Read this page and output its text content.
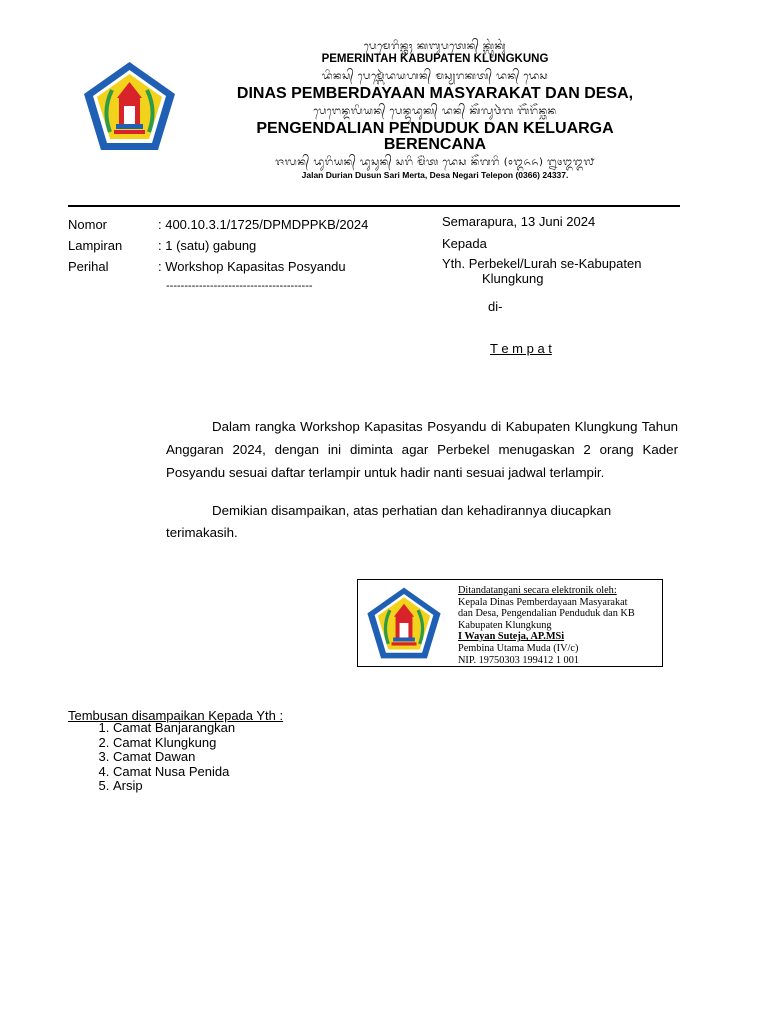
ᬧᬾᬫᬾᬭᬶᬦ᭄ᬢᬄ ᬓᬩᬸᬧᬢᬾᬦ᭄ ᬓ᭄ᬮᬸᬂᬓᬸᬂ
PEMERINTAH KABUPATEN KLUNGKUNG
ᬤᬶᬦᬲ᭄ ᬧᬾᬫ᭄ᬩᬾᬃᬤᬬᬳᬦ᭄ ᬫᬲ᭄ᬬᬭᬓᬢ᭄ ᬤᬦ᭄ ᬤᬾᬲ
DINAS PEMBERDAYAAN MASYARAKAT DAN DESA,
ᬧᬾᬗᬾᬦ᭄ᬤᬮᬶᬬᬦ᭄ ᬧᬾᬦ᭄ᬤᬸᬤᬸᬓ᭄ ᬤᬦ᭄ ᬓᭂᬮᬸᬯᬃᬕ ᬩᭂᬭᭂᬦ᭄ᬘᬦ
PENGENDALIAN PENDUDUK DAN KELUARGA
BERENCANA
ᬚᬮᬦ᭄ ᬤᬸᬭᬶᬬᬦ᭄ ᬤᬸᬲᬸᬦ᭄ ᬲᬭᬶ ᬫᭂᬃᬢ ᬤᬾᬲ ᬦᭂᬕᬭᬶ (᭐᭓᭖᭖) ᭒᭔᭓᭓᭗
Jalan Durian Dusun Sari Merta, Desa Negari Telepon (0366) 24337.
Nomor	: 400.10.3.1/1725/DPMDPPKB/2024
Lampiran	: 1 (satu) gabung
Perihal	: Workshop Kapasitas Posyandu
----------------------------------------
Semarapura, 13 Juni 2024
Kepada
Yth. Perbekel/Lurah se-Kabupaten
Klungkung
di-
T e m p a t
Dalam rangka Workshop Kapasitas Posyandu di Kabupaten Klungkung Tahun Anggaran 2024, dengan ini diminta agar Perbekel menugaskan 2 orang Kader Posyandu sesuai daftar terlampir untuk hadir nanti sesuai jadwal terlampir.
Demikian disampaikan, atas perhatian dan kehadirannya diucapkan
terimakasih.
Ditandatangani secara elektronik oleh:
Kepala Dinas Pemberdayaan Masyarakat
dan Desa, Pengendalian Penduduk dan KB
Kabupaten Klungkung
I Wayan Suteja, AP.MSi
Pembina Utama Muda (IV/c)
NIP. 19750303 199412 1 001
Tembusan disampaikan Kepada Yth :
1. Camat Banjarangkan
2. Camat Klungkung
3. Camat Dawan
4. Camat Nusa Penida
5. Arsip
